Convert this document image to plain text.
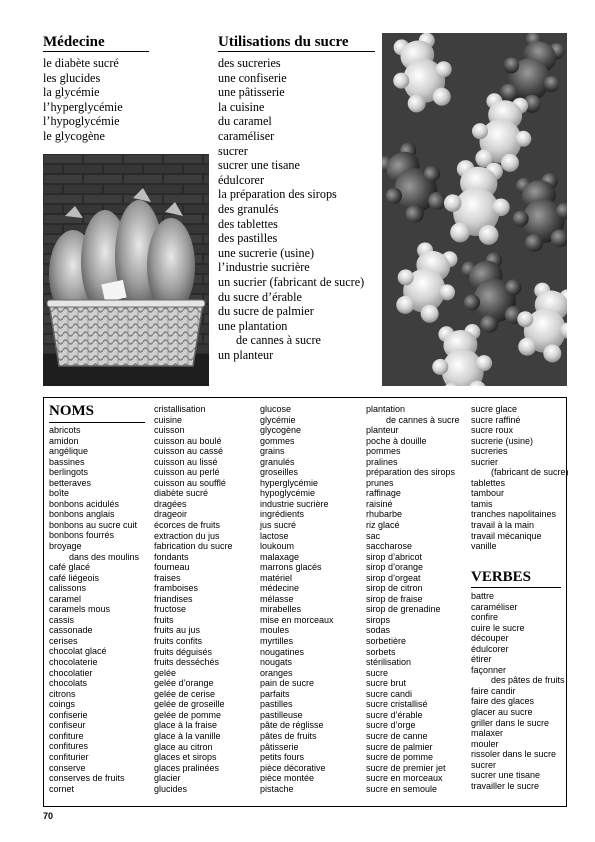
Médecine
le diabète sucré
les glucides
la glycémie
l’hyperglycémie
l’hypoglycémie
le glycogène
Utilisations du sucre
des sucreries
une confiserie
une pâtisserie
la cuisine
du caramel
caraméliser
sucrer
sucrer une tisane
édulcorer
la préparation des sirops
des granulés
des tablettes
des pastilles
une sucrerie (usine)
l’industrie sucrière
un sucrier (fabricant de sucre)
du sucre d’érable
du sucre de palmier
une plantation
de cannes à sucre
un planteur
NOMS
abricots
amidon
angélique
bassines
berlingots
betteraves
boîte
bonbons acidulés
bonbons anglais
bonbons au sucre cuit
bonbons fourrés
broyage
dans des moulins
café glacé
café liégeois
calissons
caramel
caramels mous
cassis
cassonade
cerises
chocolat glacé
chocolaterie
chocolatier
chocolats
citrons
coings
confiserie
confiseur
confiture
confitures
confiturier
conserve
conserves de fruits
cornet
cristallisation
cuisine
cuisson
cuisson au boulé
cuisson au cassé
cuisson au lissé
cuisson au perlé
cuisson au soufflé
diabète sucré
dragées
drageoir
écorces de fruits
extraction du jus
fabrication du sucre
fondants
fourneau
fraises
framboises
friandises
fructose
fruits
fruits au jus
fruits confits
fruits déguisés
fruits desséchés
gelée
gelée d’orange
gelée de cerise
gelée de groseille
gelée de pomme
glace à la fraise
glace à la vanille
glace au citron
glaces et sirops
glaces pralinées
glacier
glucides
glucose
glycémie
glycogène
gommes
grains
granulés
groseilles
hyperglycémie
hypoglycémie
industrie sucrière
ingrédients
jus sucré
lactose
loukoum
malaxage
marrons glacés
matériel
médecine
mélasse
mirabelles
mise en morceaux
moules
myrtilles
nougatines
nougats
oranges
pain de sucre
parfaits
pastilles
pastilleuse
pâte de réglisse
pâtes de fruits
pâtisserie
petits fours
pièce décorative
pièce montée
pistache
plantation
de cannes à sucre
planteur
poche à douille
pommes
pralines
préparation des sirops
prunes
raffinage
raisiné
rhubarbe
riz glacé
sac
saccharose
sirop d’abricot
sirop d’orange
sirop d’orgeat
sirop de citron
sirop de fraise
sirop de grenadine
sirops
sodas
sorbetière
sorbets
stérilisation
sucre
sucre brut
sucre candi
sucre cristallisé
sucre d’érable
sucre d’orge
sucre de canne
sucre de palmier
sucre de pomme
sucre de premier jet
sucre en morceaux
sucre en semoule
sucre glace
sucre raffiné
sucre roux
sucrerie (usine)
sucreries
sucrier
(fabricant de sucre)
tablettes
tambour
tamis
tranches napolitaines
travail à la main
travail mécanique
vanille
VERBES
battre
caraméliser
confire
cuire le sucre
découper
édulcorer
étirer
façonner
des pâtes de fruits
faire candir
faire des glaces
glacer au sucre
griller dans le sucre
malaxer
mouler
rissoler dans le sucre
sucrer
sucrer une tisane
travailler le sucre
70
